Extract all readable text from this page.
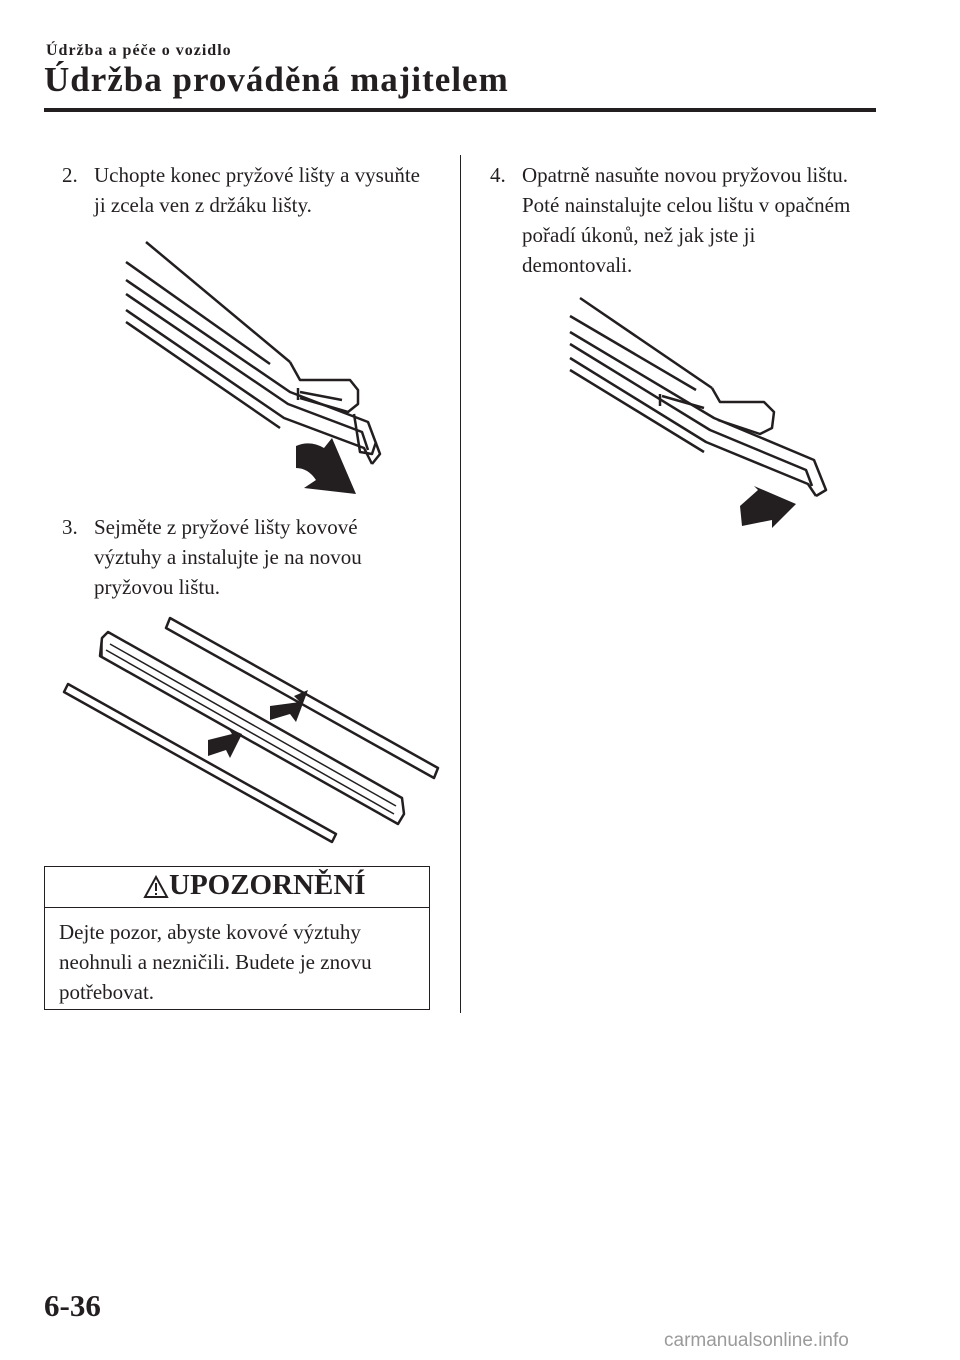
Údržba a péče o vozidlo
Údržba prováděná majitelem
2. Uchopte konec pryžové lišty a vysuňte
ji zcela ven z držáku lišty.
3. Sejměte z pryžové lišty kovové
výztuhy a instalujte je na novou
pryžovou lištu.
UPOZORNĚNÍ
Dejte pozor, abyste kovové výztuhy
neohnuli a nezničili. Budete je znovu
potřebovat.
4. Opatrně nasuňte novou pryžovou lištu.
Poté nainstalujte celou lištu v opačném
pořadí úkonů, než jak jste ji
demontovali.
6-36
carmanualsonline.info
